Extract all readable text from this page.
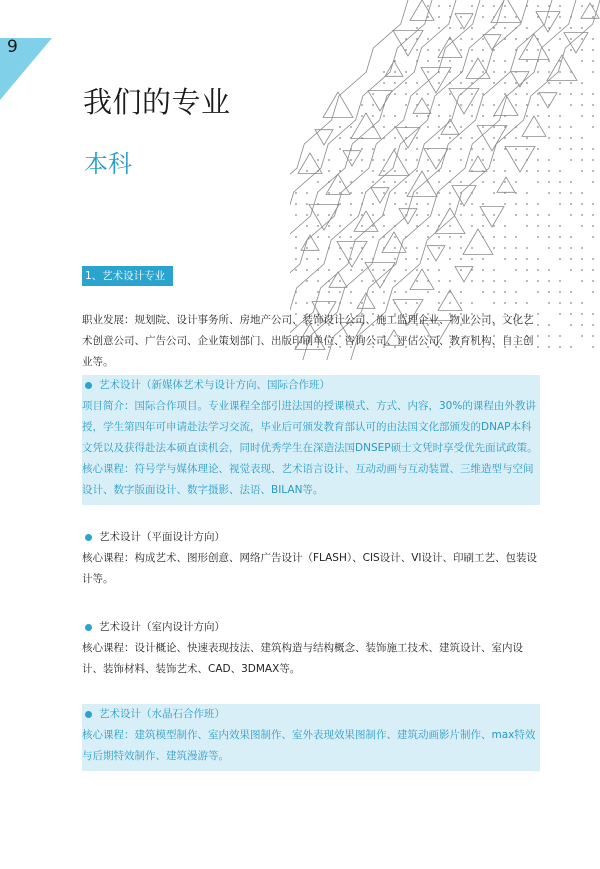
9
我们的专业
本科
1、艺术设计专业
职业发展：规划院、设计事务所、房地产公司、装饰设计公司、施工监理企业、物业公司、文化艺术创意公司、广告公司、企业策划部门、出版印刷单位、咨询公司、评估公司、教育机构、自主创业等。
艺术设计（新媒体艺术与设计方向、国际合作班）

项目简介：国际合作项目。专业课程全部引进法国的授课模式、方式、内容，30%的课程由外教讲授，学生第四年可申请赴法学习交流，毕业后可颁发教育部认可的由法国文化部颁发的DNAP本科文凭以及获得赴法本硕直读机会，同时优秀学生在深造法国DNSEP硕士文凭时享受优先面试政策。

核心课程：符号学与媒体理论、视觉表现、艺术语言设计、互动动画与互动装置、三维造型与空间设计、数字版面设计、数字摄影、法语、BILAN等。

艺术设计（平面设计方向）

核心课程：构成艺术、图形创意、网络广告设计（FLASH）、CIS设计、VI设计、印刷工艺、包装设计等。

艺术设计（室内设计方向）

核心课程：设计概论、快速表现技法、建筑构造与结构概念、装饰施工技术、建筑设计、室内设计、装饰材料、装饰艺术、CAD、3DMAX等。

艺术设计（水晶石合作班）

核心课程：建筑模型制作、室内效果图制作、室外表现效果图制作、建筑动画影片制作、max特效与后期特效制作、建筑漫游等。
